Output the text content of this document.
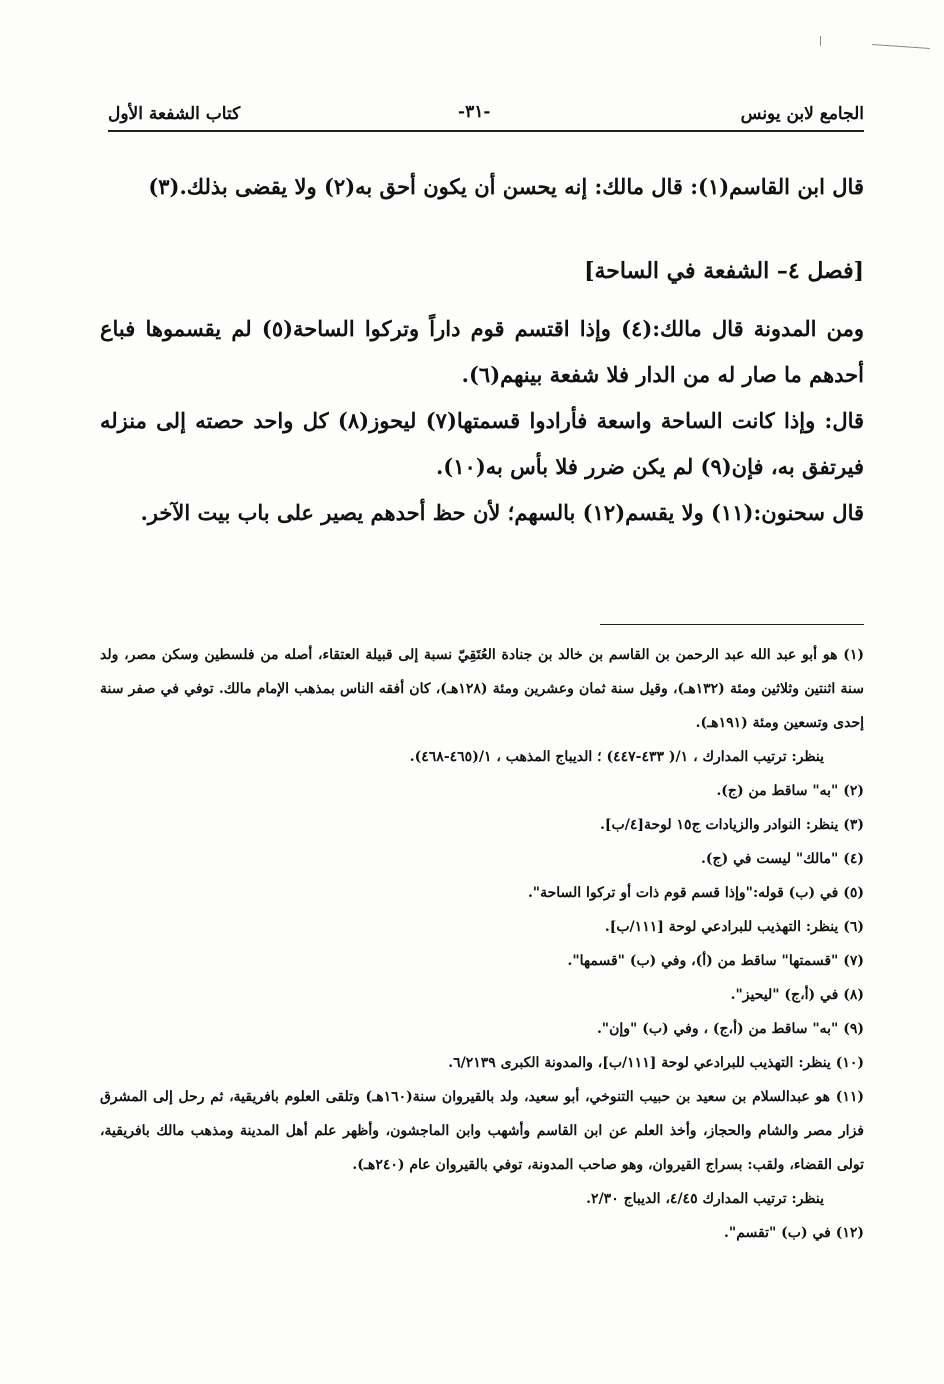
الجامع لابن يونس
-٣١-
كتاب الشفعة الأول
قال ابن القاسم(١): قال مالك: إنه يحسن أن يكون أحق به(٢) ولا يقضى بذلك.(٣)
[فصل ٤– الشفعة في الساحة]
ومن المدونة قال مالك:(٤) وإذا اقتسم قوم داراً وتركوا الساحة(٥) لم يقسموها فباع أحدهم ما صار له من الدار فلا شفعة بينهم(٦).
قال: وإذا كانت الساحة واسعة فأرادوا قسمتها(٧) ليحوز(٨) كل واحد حصته إلى منزله فيرتفق به، فإن(٩) لم يكن ضرر فلا بأس به(١٠).
قال سحنون:(١١) ولا يقسم(١٢) بالسهم؛ لأن حظ أحدهم يصير على باب بيت الآخر.

(١) هو أبو عبد الله عبد الرحمن بن القاسم بن خالد بن جنادة العُتَقِيّ نسبة إلى قبيلة العتقاء، أصله من فلسطين وسكن مصر، ولد سنة اثنتين وثلاثين ومئة (١٣٢هـ)، وقيل سنة ثمان وعشرين ومئة (١٢٨هـ)، كان أفقه الناس بمذهب الإمام مالك. توفي في صفر سنة إحدى وتسعين ومئة (١٩١هـ).

ينظر: ترتيب المدارك ، ١/( ٤٣٣-٤٤٧) ؛ الديباج المذهب ، ١/(٤٦٥-٤٦٨).

(٢) "به" ساقط من (ج).

(٣) ينظر: النوادر والزيادات ج١٥ لوحة[٤/ب].

(٤) "مالك" ليست في (ج).

(٥) في (ب) قوله:"وإذا قسم قوم ذات أو تركوا الساحة".

(٦) ينظر: التهذيب للبرادعي لوحة [١١١/ب].

(٧) "قسمتها" ساقط من (أ)، وفي (ب) "قسمها".

(٨) في (أ،ج) "ليحيز".

(٩) "به" ساقط من (أ،ج) ، وفي (ب) "وإن".

(١٠) ينظر: التهذيب للبرادعي لوحة [١١١/ب]، والمدونة الكبرى ٦/٢١٣٩.

(١١) هو عبدالسلام بن سعيد بن حبيب التنوخي، أبو سعيد، ولد بالقيروان سنة(١٦٠هـ) وتلقى العلوم بافريقية، ثم رحل إلى المشرق فزار مصر والشام والحجاز، وأخذ العلم عن ابن القاسم وأشهب وابن الماجشون، وأظهر علم أهل المدينة ومذهب مالك بافريقية، تولى القضاء، ولقب: بسراج القيروان، وهو صاحب المدونة، توفي بالقيروان عام (٢٤٠هـ).

ينظر: ترتيب المدارك ٤/٤٥، الديباج ٢/٣٠.

(١٢) في (ب) "تقسم".
